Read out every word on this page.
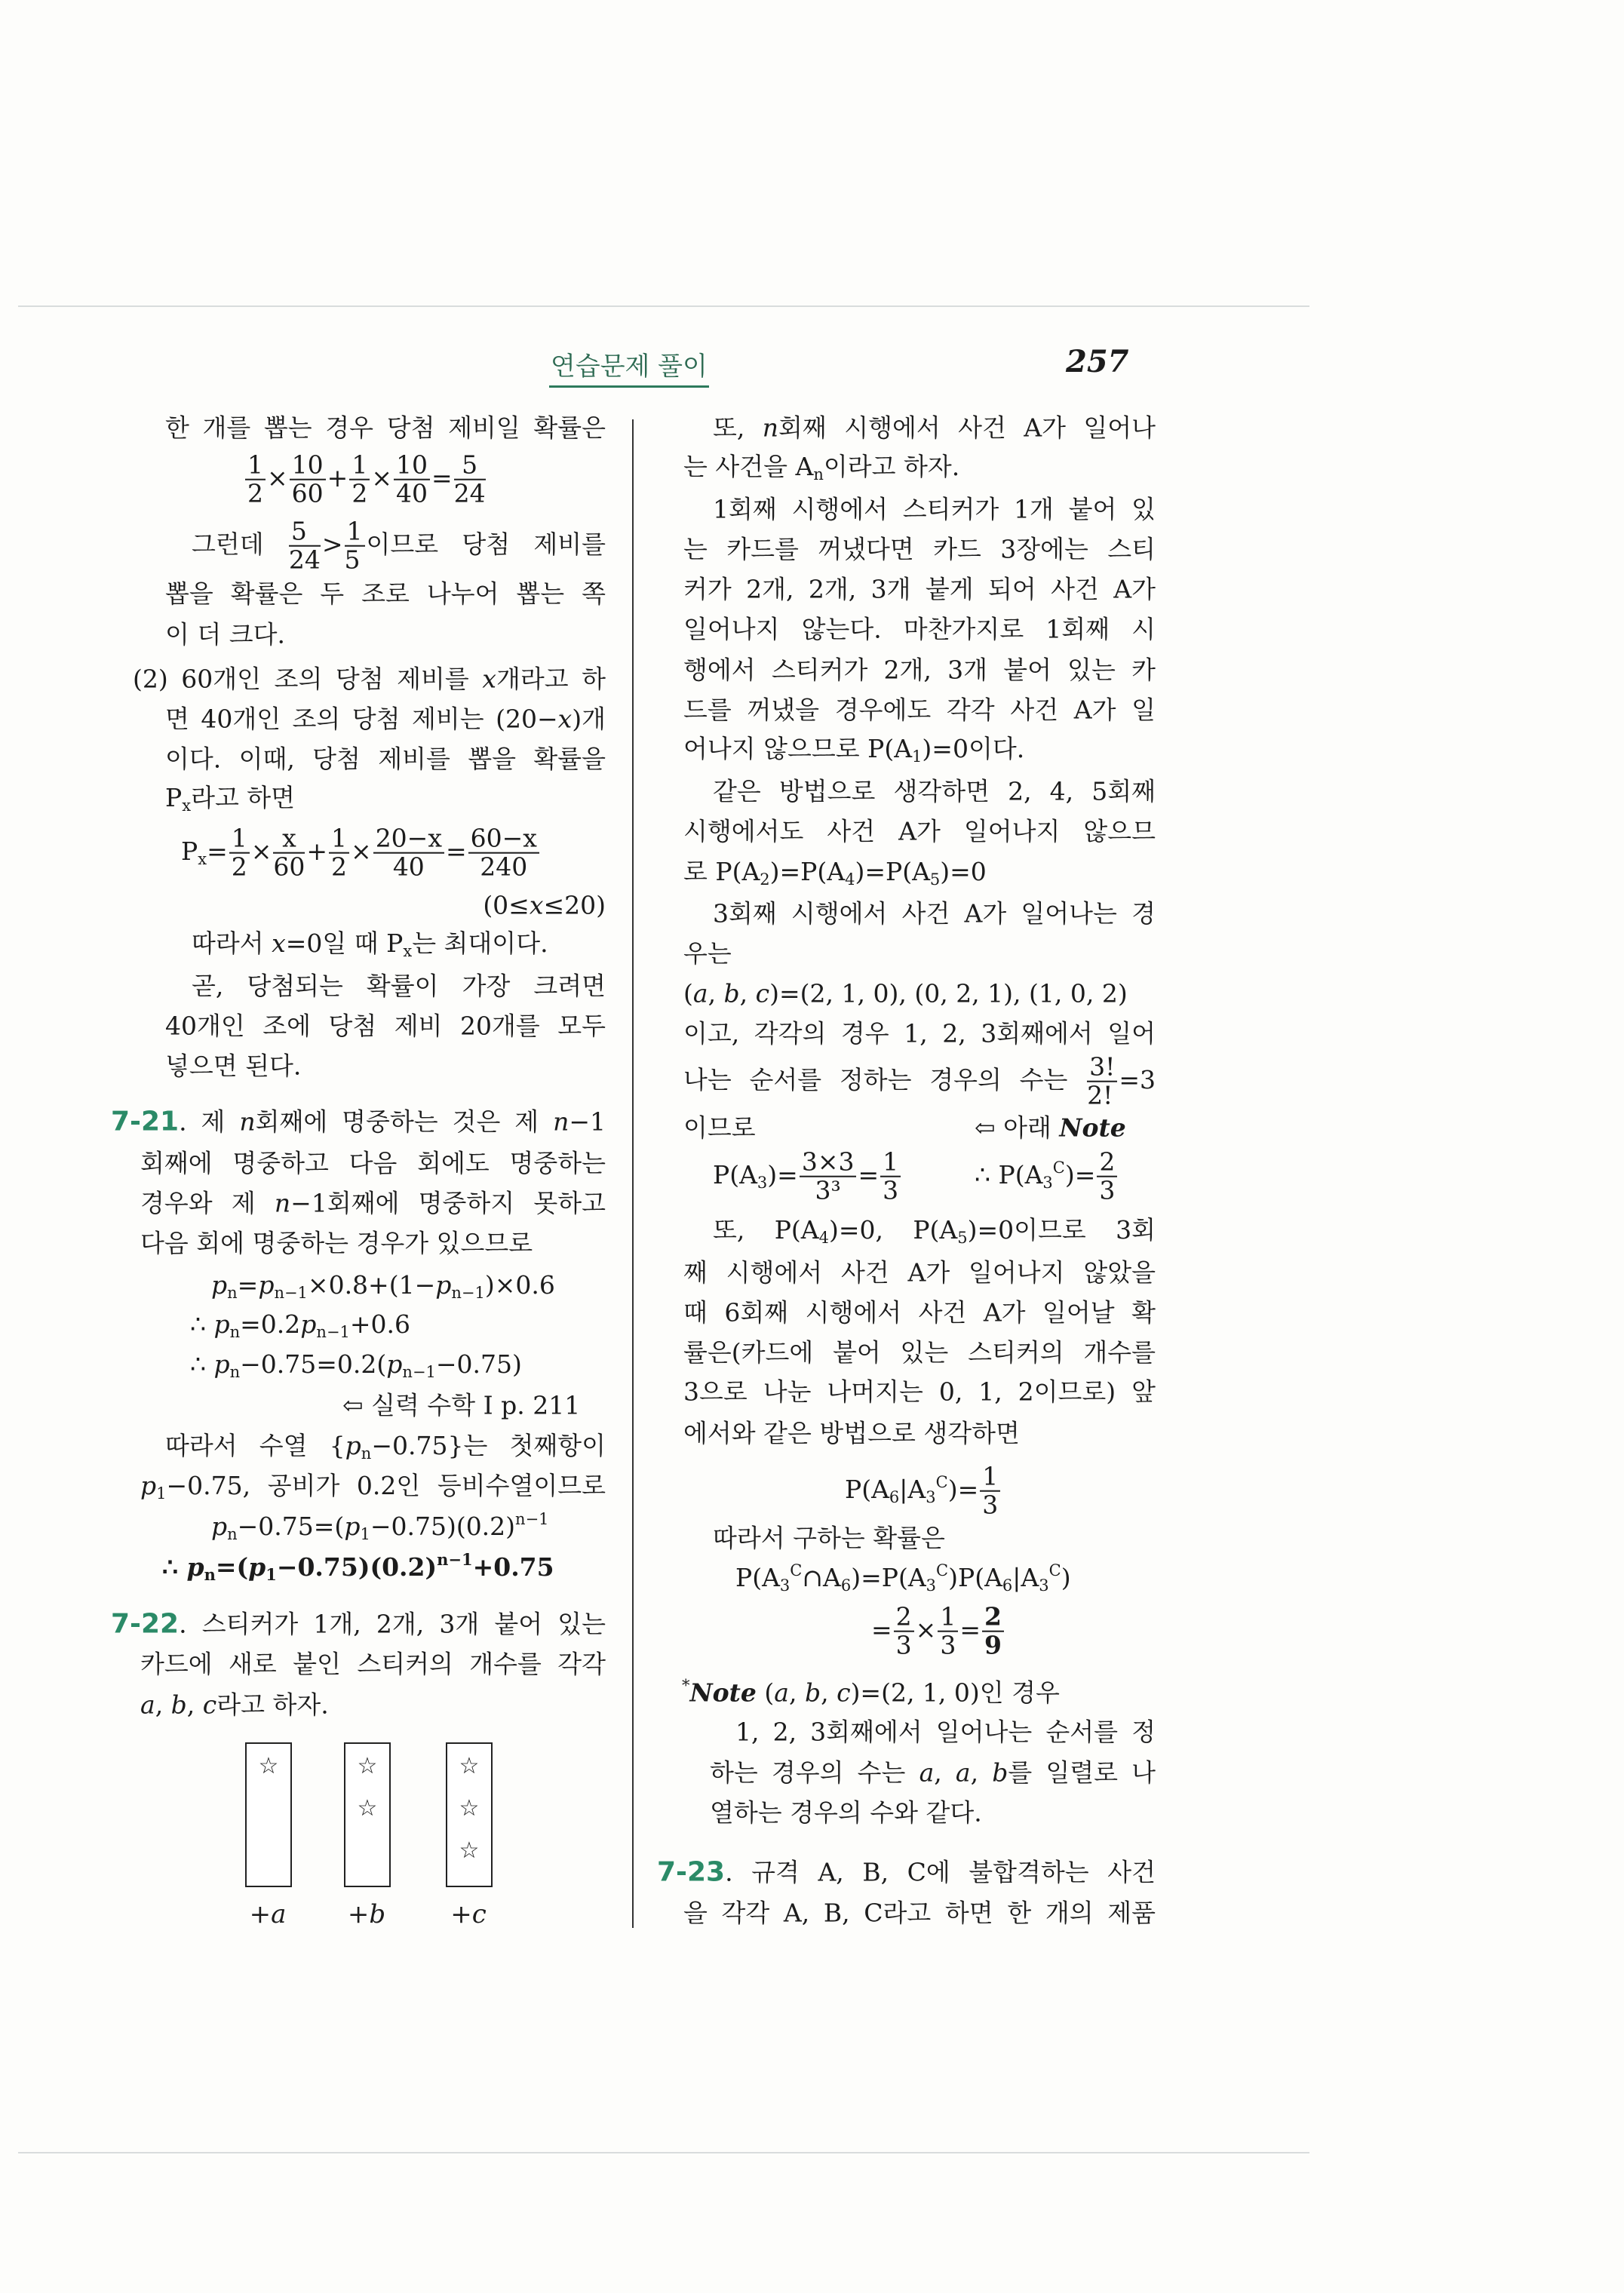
연습문제 풀이	257
한 개를 뽑는 경우 당첨 제비일 확률은
$\frac{1}{2} \times \frac{10}{60} + \frac{1}{2} \times \frac{10}{40} = \frac{5}{24}$
그런데 $\frac{5}{24} > \frac{1}{5}$ 이므로 당첨 제비를
뽑을 확률은 두 조로 나누어 뽑는 쪽
이 더 크다.
(2) 60개인 조의 당첨 제비를 x개라고 하
면 40개인 조의 당첨 제비는 (20−x)개
이다. 이때, 당첨 제비를 뽑을 확률을
$P_x$라고 하면
$P_x= \frac{1}{2} \times \frac{x}{60} + \frac{1}{2} \times \frac{20-x}{40} = \frac{60-x}{240}$
(0≤x≤20)
따라서 x=0일 때 $P_x$는 최대이다.
곧, 당첨되는 확률이 가장 크려면
40개인 조에 당첨 제비 20개를 모두
넣으면 된다.
7-21. 제 n회째에 명중하는 것은 제 n−1
회째에 명중하고 다음 회에도 명중하는
경우와 제 n−1회째에 명중하지 못하고
다음 회에 명중하는 경우가 있으므로
$p_n=p_{n-1}\times 0.8+(1-p_{n-1})\times 0.6$
∴ $p_n=0.2p_{n-1}+0.6$
∴ $p_n-0.75=0.2(p_{n-1}-0.75)$
⇦ 실력 수학 Ⅰ p. 211
따라서 수열 $\{p_n-0.75\}$는 첫째항이
$p_1-0.75$, 공비가 0.2인 등비수열이므로
$p_n-0.75=(p_1-0.75)(0.2)^{n-1}$
∴ $p_n=(p_1-0.75)(0.2)^{n-1}+0.75$
7-22. 스티커가 1개, 2개, 3개 붙어 있는
카드에 새로 붙인 스티커의 개수를 각각
a, b, c라고 하자.
또, n회째 시행에서 사건 A가 일어나
는 사건을 $A_n$이라고 하자.
1회째 시행에서 스티커가 1개 붙어 있
는 카드를 꺼냈다면 카드 3장에는 스티
커가 2개, 2개, 3개 붙게 되어 사건 A가
일어나지 않는다. 마찬가지로 1회째 시
행에서 스티커가 2개, 3개 붙어 있는 카
드를 꺼냈을 경우에도 각각 사건 A가 일
어나지 않으므로 $P(A_1)=0$이다.
같은 방법으로 생각하면 2, 4, 5회째
시행에서도 사건 A가 일어나지 않으므
로 $P(A_2)=P(A_4)=P(A_5)=0$
3회째 시행에서 사건 A가 일어나는 경
우는
(a, b, c)=(2, 1, 0), (0, 2, 1), (1, 0, 2)
이고, 각각의 경우 1, 2, 3회째에서 일어
나는 순서를 정하는 경우의 수는 $\frac{3!}{2!} =3$
이므로	⇦ 아래 Note
$P(A_3)= \frac{3\times 3}{\text{3³}} = \frac{1}{3}$	∴ $P(A_3^C)= \frac{2}{3}$
또, $P(A_4)=0$, $P(A_5)=0$이므로 3회
째 시행에서 사건 A가 일어나지 않았을
때 6회째 시행에서 사건 A가 일어날 확
률은(카드에 붙어 있는 스티커의 개수를
3으로 나눈 나머지는 0, 1, 2이므로) 앞
에서와 같은 방법으로 생각하면
$P(A_6|A_3^C)= \frac{1}{3}$
따라서 구하는 확률은
$P(A_3^C\cap A_6)=P(A_3^C)P(A_6|A_3^C)$
= $\frac{2}{3} \times \frac{1}{3} = \frac{2}{9}$
*Note (a, b, c)=(2, 1, 0)인 경우
1, 2, 3회째에서 일어나는 순서를 정
하는 경우의 수는 a, a, b를 일렬로 나
열하는 경우의 수와 같다.
7-23. 규격 A, B, C에 불합격하는 사건
을 각각 A, B, C라고 하면 한 개의 제품
☆
+a
☆
☆
+b
☆
☆
☆
+c
